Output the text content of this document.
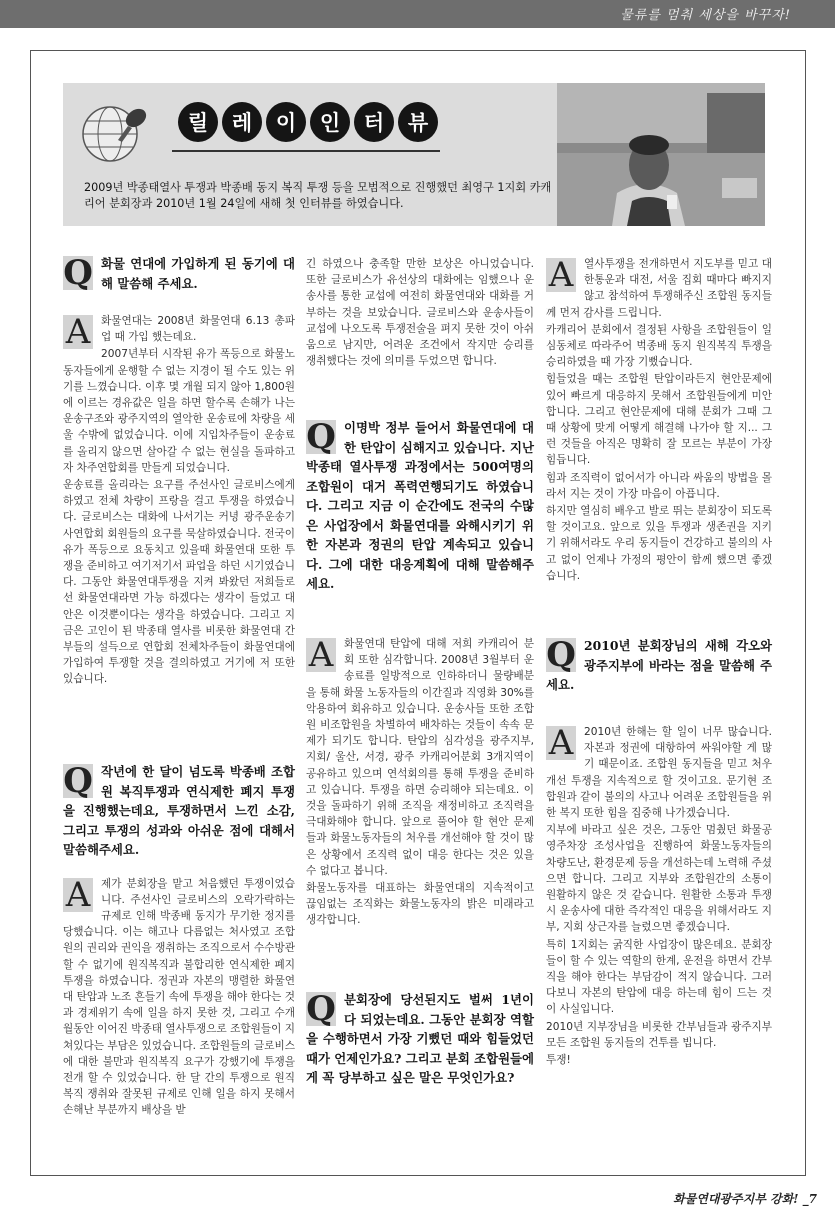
물류를 멈춰 세상을 바꾸자!
릴	레	이	인	터	뷰
2009년 박종태열사 투쟁과 박종배 동지 복직 투쟁 등을 모범적으로 진행했던 최영구 1지회 카캐리어 분회장과 2010년 1월 24일에 새해 첫 인터뷰를 하였습니다.
Q 화물 연대에 가입하게 된 동기에 대해 말씀해 주세요.
A	화물연대는 2008년 화물연대 6.13 총파업 때 가입 했는데요.

2007년부터 시작된 유가 폭등으로 화물노동자들에게 운행할 수 없는 지경이 될 수도 있는 위기를 느꼈습니다. 이후 몇 개월 되지 않아 1,800원에 이르는 경유값은 일을 하면 할수록 손해가 나는 운송구조와 광주지역의 열악한 운송료에 차량을 세울 수밖에 없었습니다. 이에 지입차주들이 운송료를 올리지 않으면 살아갈 수 없는 현실을 돌파하고자 차주연합회를 만들게 되었습니다.

운송료를 올리라는 요구를 주선사인 글로비스에게 하였고 전체 차량이 프랑을 걸고 투쟁을 하였습니다. 글로비스는 대화에 나서기는 커녕 광주운송기사연합회 회원들의 요구를 묵살하였습니다. 전국이 유가 폭등으로 요동치고 있을때 화물연대 또한 투쟁을 준비하고 여기저기서 파업을 하던 시기였습니다. 그동안 화물연대투쟁을 지켜 봐왔던 저희들로선 화물연대라면 가능 하겠다는 생각이 들었고 대안은 이것뿐이다는 생각을 하였습니다. 그리고 지금은 고인이 된 박종태 열사를 비롯한 화물연대 간부들의 설득으로 연합회 전체차주들이 화물연대에 가입하여 투쟁할 것을 결의하였고 거기에 저 또한 있습니다.

Q 작년에 한 달이 넘도록 박종배 조합원 복직투쟁과 연식제한 폐지 투쟁을 진행했는데요, 투쟁하면서 느낀 소감, 그리고 투쟁의 성과와 아쉬운 점에 대해서 말씀해주세요.
A	제가 분회장을 맡고 처음했던 투쟁이었습니다. 주선사인 글로비스의 오락가락하는 규제로 인해 박종배 동지가 무기한 정지를 당했습니다. 이는 해고나 다름없는 처사였고 조합원의 권리와 권익을 쟁취하는 조직으로서 수수방관 할 수 없기에 원직복직과 불합리한 연식제한 폐지 투쟁을 하였습니다. 정권과 자본의 맹렬한 화물연대 탄압과 노조 흔들기 속에 투쟁을 해야 한다는 것과 경제위기 속에 일을 하지 못한 것, 그리고 수개월동안 이어진 박종태 열사투쟁으로 조합원들이 지쳐있다는 부담은 있었습니다. 조합원들의 글로비스에 대한 불만과 원직복직 요구가 강했기에 투쟁을 전개 할 수 있었습니다. 한 달 간의 투쟁으로 원직복직 쟁취와 잘못된 규제로 인해 일을 하지 못해서 손해난 부분까지 배상을 받

긴 하였으나 충족할 만한 보상은 아니었습니다. 또한 글로비스가 유선상의 대화에는 임했으나 운송사를 통한 교섭에 여전히 화물연대와 대화를 거부하는 것을 보았습니다. 글로비스와 운송사들이 교섭에 나오도록 투쟁전술을 펴지 못한 것이 아쉬움으로 남지만, 어려운 조건에서 작지만 승리를 쟁취했다는 것에 의미를 두었으면 합니다.

Q 이명박 정부 들어서 화물연대에 대한 탄압이 심해지고 있습니다. 지난 박종태 열사투쟁 과정에서는 500여명의 조합원이 대거 폭력연행되기도 하였습니다. 그리고 지금 이 순간에도 전국의 수많은 사업장에서 화물연대를 와해시키기 위한 자본과 정권의 탄압 계속되고 있습니다. 그에 대한 대응계획에 대해 말씀해주세요.
A	화물연대 탄압에 대해 저희 카캐리어 분회 또한 심각합니다. 2008년 3월부터 운송료를 일방적으로 인하하더니 물량배분을 통해 화물 노동자들의 이간질과 직영화 30%를 악용하여 회유하고 있습니다. 운송사들 또한 조합원 비조합원을 차별하여 배차하는 것들이 속속 문제가 되기도 합니다. 탄압의 심각성을 광주지부, 지회/ 울산, 서경, 광주 카캐리어분회 3개지역이 공유하고 있으며 연석회의를 통해 투쟁을 준비하고 있습니다. 투쟁을 하면 승리해야 되는데요. 이것을 돌파하기 위해 조직을 재정비하고 조직력을 극대화해야 합니다. 앞으로 풀어야 할 현안 문제들과 화물노동자들의 처우를 개선해야 할 것이 많은 상황에서 조직력 없이 대응 한다는 것은 있을 수 없다고 봅니다.

화물노동자를 대표하는 화물연대의 지속적이고 끊임없는 조직화는 화물노동자의 밝은 미래라고 생각합니다.

Q 분회장에 당선된지도 벌써 1년이 다 되었는데요. 그동안 분회장 역할을 수행하면서 가장 기뻤던 때와 힘들었던 때가 언제인가요? 그리고 분회 조합원들에게 꼭 당부하고 싶은 말은 무엇인가요?
A	열사투쟁을 전개하면서 지도부를 믿고 대한통운과 대전, 서울 집회 때마다 빠지지 않고 참석하여 투쟁해주신 조합원 동지들께 먼저 감사를 드립니다.

카캐리어 분회에서 결정된 사항을 조합원들이 일심동체로 따라주어 벅종배 동지 원직복직 투쟁을 승리하였을 때 가장 기뻤습니다.

힘들었을 때는 조합원 탄압이라든지 현안문제에 있어 빠르게 대응하지 못해서 조합원들에게 미안합니다. 그리고 현안문제에 대해 분회가 그때 그때 상황에 맞게 어떻게 해결해 나가야 할 지... 그런 것들을 아직은 명확히 잘 모르는 부분이 가장 힘듭니다.

힘과 조직력이 없어서가 아니라 싸움의 방법을 몰라서 지는 것이 가장 마음이 아픕니다.

하지만 열심히 배우고 발로 뛰는 분회장이 되도록 할 것이고요. 앞으로 있을 투쟁과 생존권을 지키기 위해서라도 우리 동지들이 건강하고 불의의 사고 없이 언제나 가정의 평안이 함께 했으면 좋겠습니다.

Q 2010년 분회장님의 새해 각오와 광주지부에 바라는 점을 말씀해 주세요.
A	2010년 한해는 할 일이 너무 많습니다. 자본과 정권에 대항하여 싸워야할 게 많기 때문이죠. 조합원 동지들을 믿고 처우개선 투쟁을 지속적으로 할 것이고요. 문기현 조합원과 같이 불의의 사고나 어려운 조합원들을 위한 복지 또한 힘을 집중해 나가겠습니다.

지부에 바라고 싶은 것은, 그동안 멈췄던 화물공영주차장 조성사업을 진행하여 화물노동자들의 차량도난, 환경문제 등을 개선하는데 노력해 주셨으면 합니다. 그리고 지부와 조합원간의 소통이 원활하지 않은 것 같습니다. 원활한 소통과 투쟁시 운송사에 대한 즉각적인 대응을 위해서라도 지부, 지회 상근자를 늘렸으면 좋겠습니다.

특히 1지회는 굵직한 사업장이 많은데요. 분회장들이 할 수 있는 역할의 한계, 운전을 하면서 간부직을 해야 한다는 부담감이 적지 않습니다. 그러다보니 자본의 탄압에 대응 하는데 힘이 드는 것이 사실입니다.

2010년 지부장님을 비롯한 간부님들과 광주지부 모든 조합원 동지들의 건투를 빕니다.

투쟁!

화물연대광주지부 강화! _7
